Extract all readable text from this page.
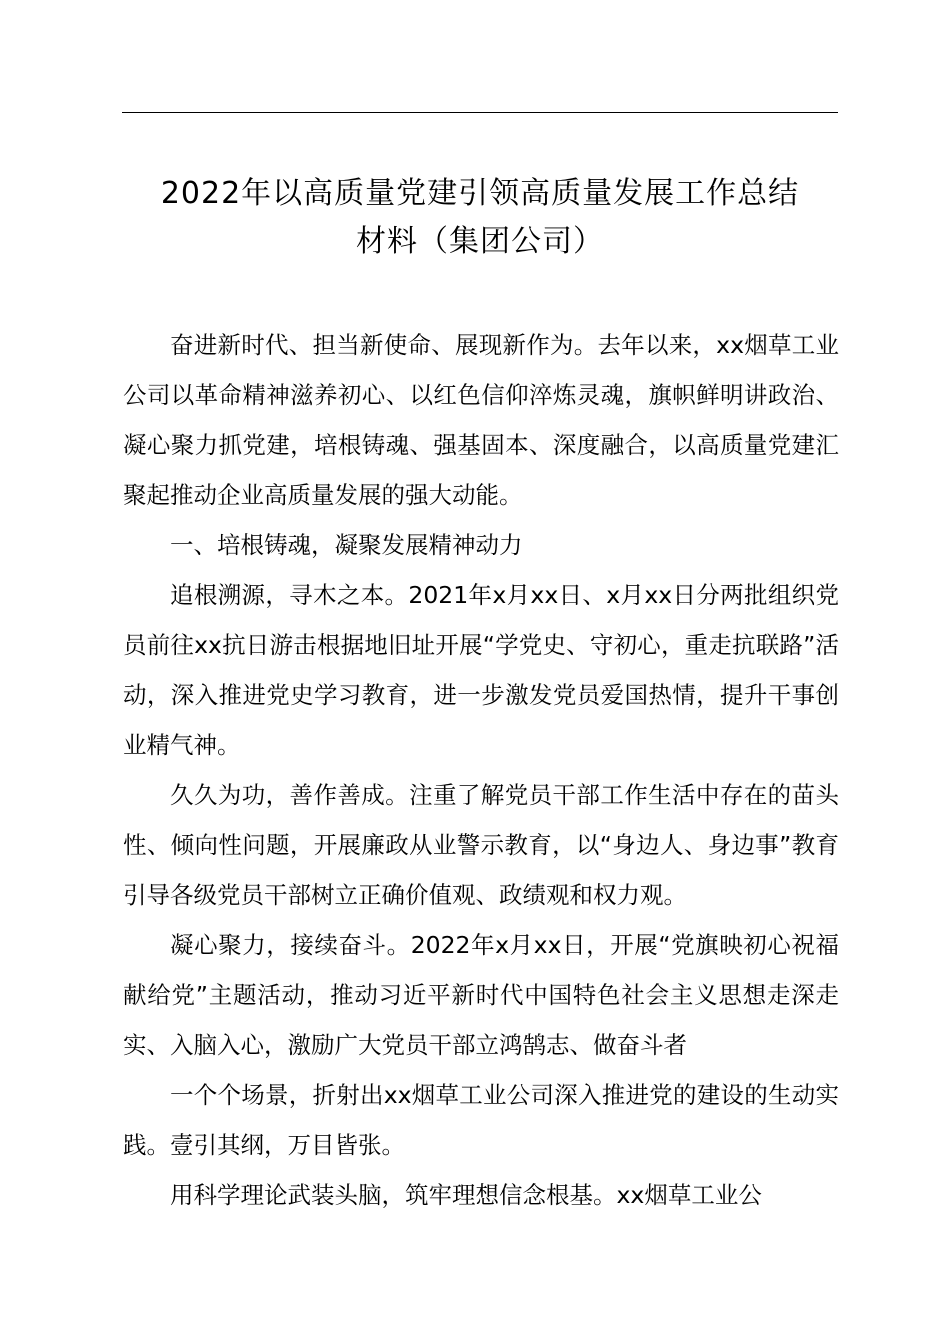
2022年以高质量党建引领高质量发展工作总结
材料（集团公司）

奋进新时代、担当新使命、展现新作为。去年以来，xx烟草工业公司以革命精神滋养初心、以红色信仰淬炼灵魂，旗帜鲜明讲政治、凝心聚力抓党建，培根铸魂、强基固本、深度融合，以高质量党建汇聚起推动企业高质量发展的强大动能。

一、培根铸魂，凝聚发展精神动力

追根溯源，寻木之本。2021年x月xx日、x月xx日分两批组织党员前往xx抗日游击根据地旧址开展“学党史、守初心，重走抗联路”活动，深入推进党史学习教育，进一步激发党员爱国热情，提升干事创业精气神。

久久为功，善作善成。注重了解党员干部工作生活中存在的苗头性、倾向性问题，开展廉政从业警示教育，以“身边人、身边事”教育引导各级党员干部树立正确价值观、政绩观和权力观。

凝心聚力，接续奋斗。2022年x月xx日，开展“党旗映初心祝福献给党”主题活动，推动习近平新时代中国特色社会主义思想走深走实、入脑入心，激励广大党员干部立鸿鹄志、做奋斗者

一个个场景，折射出xx烟草工业公司深入推进党的建设的生动实践。壹引其纲，万目皆张。

用科学理论武装头脑，筑牢理想信念根基。xx烟草工业公
